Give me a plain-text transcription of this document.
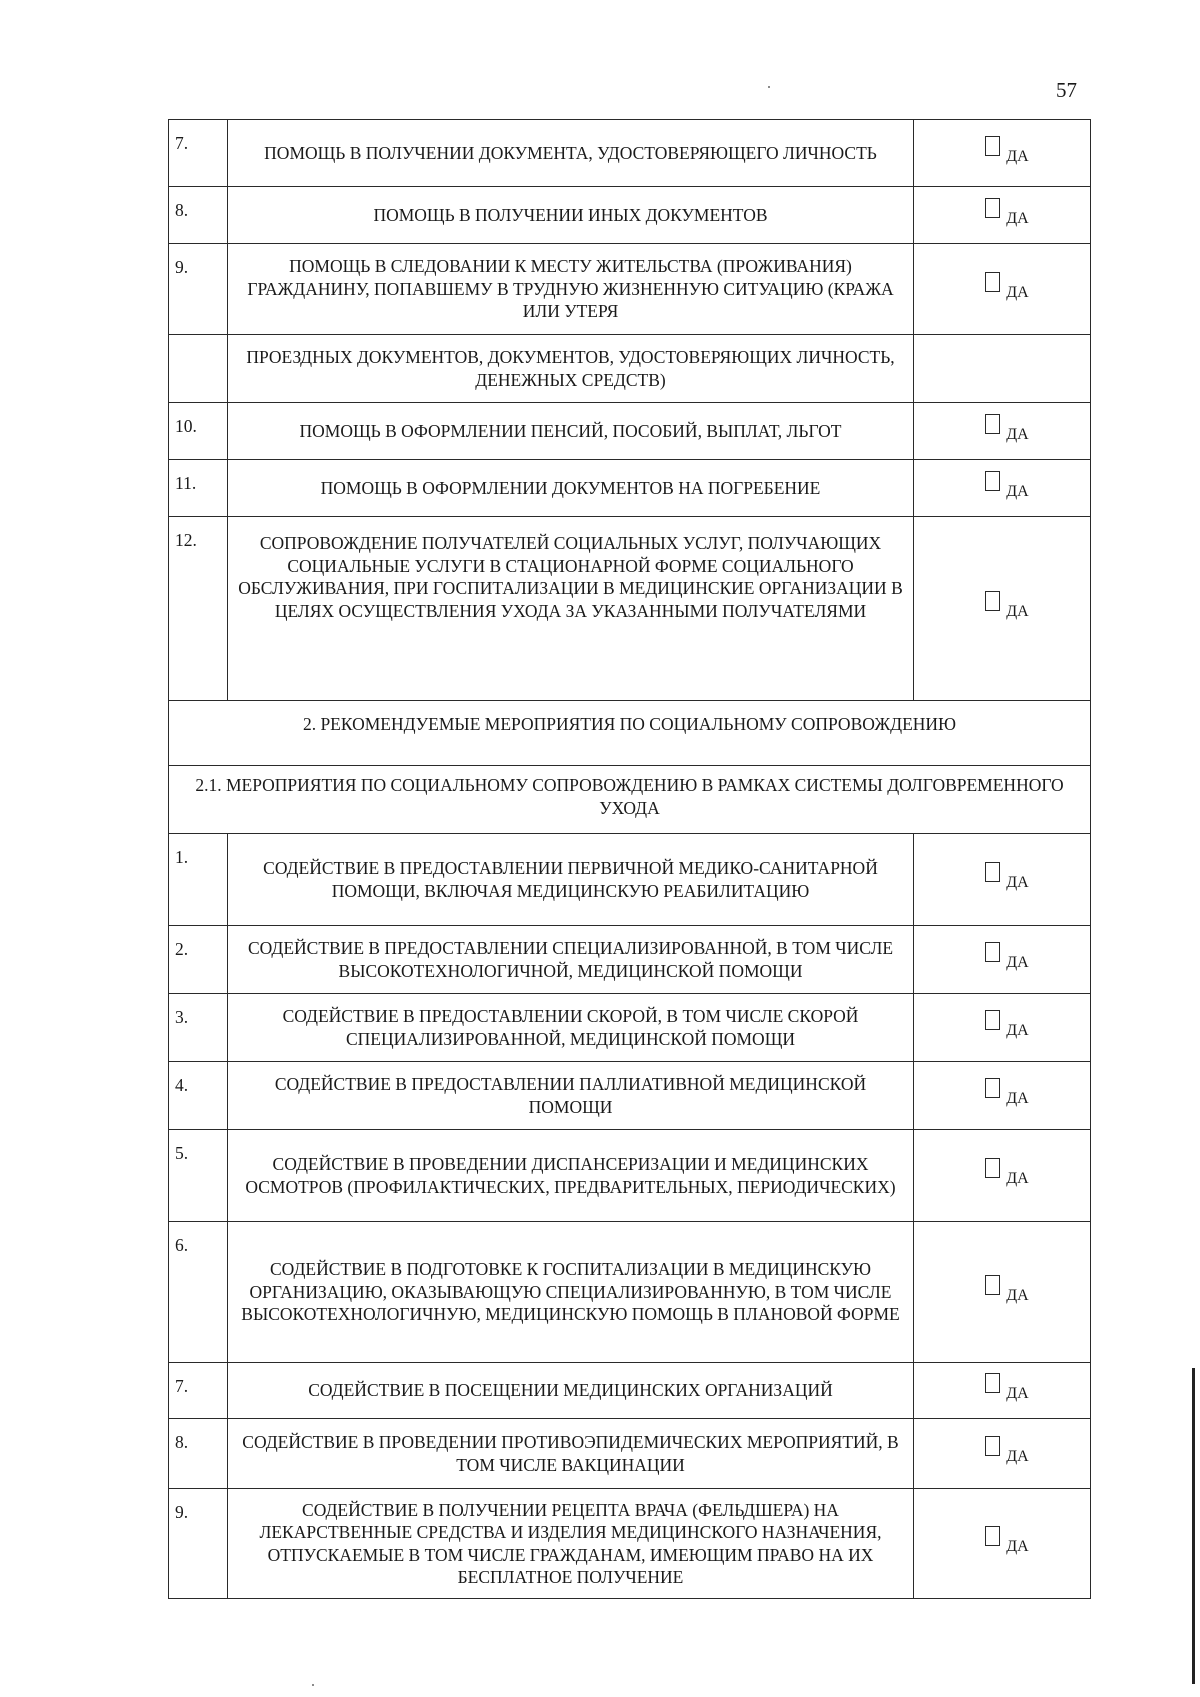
57
7.	ПОМОЩЬ В ПОЛУЧЕНИИ ДОКУМЕНТА, УДОСТОВЕРЯЮЩЕГО ЛИЧНОСТЬ	ДА
8.	ПОМОЩЬ В ПОЛУЧЕНИИ ИНЫХ ДОКУМЕНТОВ	ДА
9.	ПОМОЩЬ В СЛЕДОВАНИИ К МЕСТУ ЖИТЕЛЬСТВА (ПРОЖИВАНИЯ) ГРАЖДАНИНУ, ПОПАВШЕМУ В ТРУДНУЮ ЖИЗНЕННУЮ СИТУАЦИЮ (КРАЖА ИЛИ УТЕРЯ	ДА
	ПРОЕЗДНЫХ ДОКУМЕНТОВ, ДОКУМЕНТОВ, УДОСТОВЕРЯЮЩИХ ЛИЧНОСТЬ, ДЕНЕЖНЫХ СРЕДСТВ)	
10.	ПОМОЩЬ В ОФОРМЛЕНИИ ПЕНСИЙ, ПОСОБИЙ, ВЫПЛАТ, ЛЬГОТ	ДА
11.	ПОМОЩЬ В ОФОРМЛЕНИИ ДОКУМЕНТОВ НА ПОГРЕБЕНИЕ	ДА
12.	СОПРОВОЖДЕНИЕ ПОЛУЧАТЕЛЕЙ СОЦИАЛЬНЫХ УСЛУГ, ПОЛУЧАЮЩИХ СОЦИАЛЬНЫЕ УСЛУГИ В СТАЦИОНАРНОЙ ФОРМЕ СОЦИАЛЬНОГО ОБСЛУЖИВАНИЯ, ПРИ ГОСПИТАЛИЗАЦИИ В МЕДИЦИНСКИЕ ОРГАНИЗАЦИИ В ЦЕЛЯХ ОСУЩЕСТВЛЕНИЯ УХОДА ЗА УКАЗАННЫМИ ПОЛУЧАТЕЛЯМИ	ДА
2. РЕКОМЕНДУЕМЫЕ МЕРОПРИЯТИЯ ПО СОЦИАЛЬНОМУ СОПРОВОЖДЕНИЮ		
2.1. МЕРОПРИЯТИЯ ПО СОЦИАЛЬНОМУ СОПРОВОЖДЕНИЮ В РАМКАХ СИСТЕМЫ ДОЛГОВРЕМЕННОГО УХОДА		
1.	СОДЕЙСТВИЕ В ПРЕДОСТАВЛЕНИИ ПЕРВИЧНОЙ МЕДИКО-САНИТАРНОЙ ПОМОЩИ, ВКЛЮЧАЯ МЕДИЦИНСКУЮ РЕАБИЛИТАЦИЮ	ДА
2.	СОДЕЙСТВИЕ В ПРЕДОСТАВЛЕНИИ СПЕЦИАЛИЗИРОВАННОЙ, В ТОМ ЧИСЛЕ ВЫСОКОТЕХНОЛОГИЧНОЙ, МЕДИЦИНСКОЙ ПОМОЩИ	ДА
3.	СОДЕЙСТВИЕ В ПРЕДОСТАВЛЕНИИ СКОРОЙ, В ТОМ ЧИСЛЕ СКОРОЙ СПЕЦИАЛИЗИРОВАННОЙ, МЕДИЦИНСКОЙ ПОМОЩИ	ДА
4.	СОДЕЙСТВИЕ В ПРЕДОСТАВЛЕНИИ ПАЛЛИАТИВНОЙ МЕДИЦИНСКОЙ ПОМОЩИ	ДА
5.	СОДЕЙСТВИЕ В ПРОВЕДЕНИИ ДИСПАНСЕРИЗАЦИИ И МЕДИЦИНСКИХ ОСМОТРОВ (ПРОФИЛАКТИЧЕСКИХ, ПРЕДВАРИТЕЛЬНЫХ, ПЕРИОДИЧЕСКИХ)	ДА
6.	СОДЕЙСТВИЕ В ПОДГОТОВКЕ К ГОСПИТАЛИЗАЦИИ В МЕДИЦИНСКУЮ ОРГАНИЗАЦИЮ, ОКАЗЫВАЮЩУЮ СПЕЦИАЛИЗИРОВАННУЮ, В ТОМ ЧИСЛЕ ВЫСОКОТЕХНОЛОГИЧНУЮ, МЕДИЦИНСКУЮ ПОМОЩЬ В ПЛАНОВОЙ ФОРМЕ	ДА
7.	СОДЕЙСТВИЕ В ПОСЕЩЕНИИ МЕДИЦИНСКИХ ОРГАНИЗАЦИЙ	ДА
8.	СОДЕЙСТВИЕ В ПРОВЕДЕНИИ ПРОТИВОЭПИДЕМИЧЕСКИХ МЕРОПРИЯТИЙ, В ТОМ ЧИСЛЕ ВАКЦИНАЦИИ	ДА
9.	СОДЕЙСТВИЕ В ПОЛУЧЕНИИ РЕЦЕПТА ВРАЧА (ФЕЛЬДШЕРА) НА ЛЕКАРСТВЕННЫЕ СРЕДСТВА И ИЗДЕЛИЯ МЕДИЦИНСКОГО НАЗНАЧЕНИЯ, ОТПУСКАЕМЫЕ В ТОМ ЧИСЛЕ ГРАЖДАНАМ, ИМЕЮЩИМ ПРАВО НА ИХ БЕСПЛАТНОЕ ПОЛУЧЕНИЕ	ДА
